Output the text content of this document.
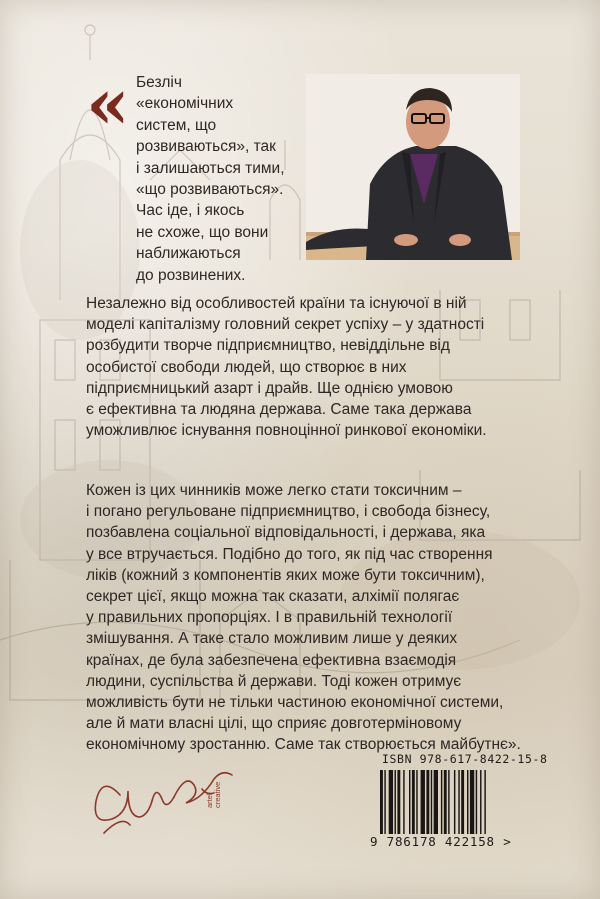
« Безліч
«економічних
систем, що
розвиваються», так
і залишаються тими,
«що розвиваються».
Час іде, і якось
не схоже, що вони
наближаються
до розвинених.
Незалежно від особливостей країни та існуючої в ній
моделі капіталізму головний секрет успіху – у здатності
розбудити творче підприємництво, невіддільне від
особистої свободи людей, що створює в них
підприємницький азарт і драйв. Ще однією умовою
є ефективна та людяна держава. Саме така держава
уможливлює існування повноцінної ринкової економіки.
Кожен із цих чинників може легко стати токсичним –
і погано регульоване підприємництво, і свобода бізнесу,
позбавлена соціальної відповідальності, і держава, яка
у все втручається. Подібно до того, як під час створення
ліків (кожний з компонентів яких може бути токсичним),
секрет цієї, якщо можна так сказати, алхімії полягає
у правильних пропорціях. І в правильній технології
змішування. А таке стало можливим лише у деяких
країнах, де була забезпечена ефективна взаємодія
людини, суспільства й держави. Тоді кожен отримує
можливість бути не тільки частиною економічної системи,
але й мати власні цілі, що сприяє довготерміновому
економічному зростанню. Саме так створюється майбутнє».
artel creative
ISBN 978-617-8422-15-8
9 786178 422158 >
